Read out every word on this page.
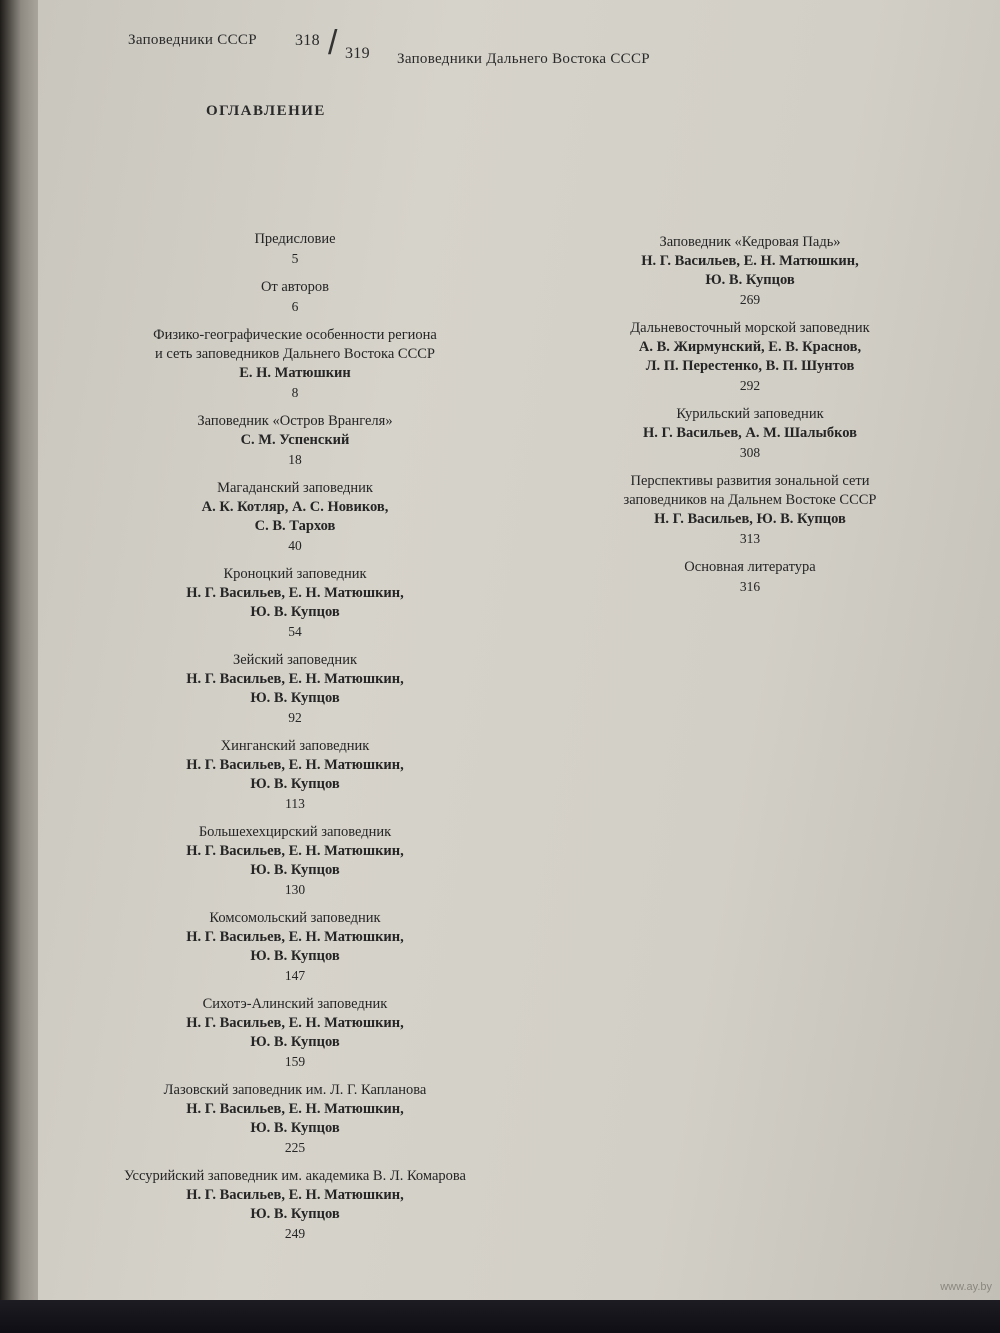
Заповедники СССР 318 / 319 Заповедники Дальнего Востока СССР
ОГЛАВЛЕНИЕ
Предисловие
5
От авторов
6
Физико-географические особенности региона
и сеть заповедников Дальнего Востока СССР
Е. Н. Матюшкин
8
Заповедник «Остров Врангеля»
С. М. Успенский
18
Магаданский заповедник
А. К. Котляр, А. С. Новиков,
С. В. Тархов
40
Кроноцкий заповедник
Н. Г. Васильев, Е. Н. Матюшкин,
Ю. В. Купцов
54
Зейский заповедник
Н. Г. Васильев, Е. Н. Матюшкин,
Ю. В. Купцов
92
Хинганский заповедник
Н. Г. Васильев, Е. Н. Матюшкин,
Ю. В. Купцов
113
Большехехцирский заповедник
Н. Г. Васильев, Е. Н. Матюшкин,
Ю. В. Купцов
130
Комсомольский заповедник
Н. Г. Васильев, Е. Н. Матюшкин,
Ю. В. Купцов
147
Сихотэ-Алинский заповедник
Н. Г. Васильев, Е. Н. Матюшкин,
Ю. В. Купцов
159
Лазовский заповедник им. Л. Г. Капланова
Н. Г. Васильев, Е. Н. Матюшкин,
Ю. В. Купцов
225
Уссурийский заповедник им. академика В. Л. Комарова
Н. Г. Васильев, Е. Н. Матюшкин,
Ю. В. Купцов
249
Заповедник «Кедровая Падь»
Н. Г. Васильев, Е. Н. Матюшкин,
Ю. В. Купцов
269
Дальневосточный морской заповедник
А. В. Жирмунский, Е. В. Краснов,
Л. П. Перестенко, В. П. Шунтов
292
Курильский заповедник
Н. Г. Васильев, А. М. Шалыбков
308
Перспективы развития зональной сети
заповедников на Дальнем Востоке СССР
Н. Г. Васильев, Ю. В. Купцов
313
Основная литература
316
www.ay.by
